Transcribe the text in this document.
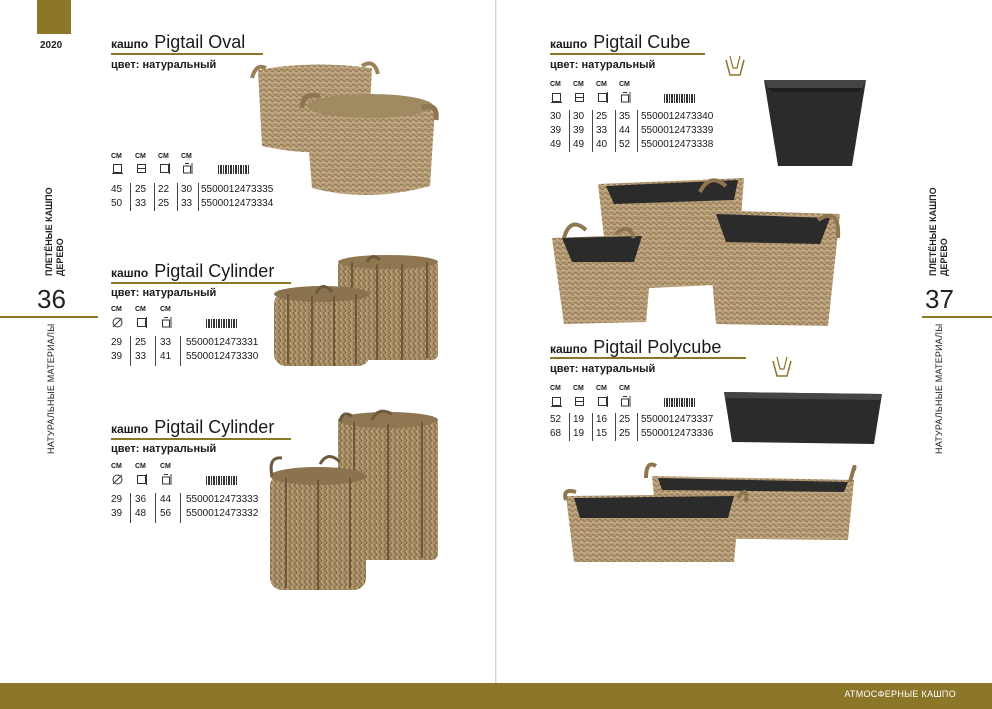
2020
ПЛЕТЁНЫЕ КАШПО ДЕРЕВО
36
НАТУРАЛЬНЫЕ МАТЕРИАЛЫ
ПЛЕТЁНЫЕ КАШПО ДЕРЕВО
37
НАТУРАЛЬНЫЕ МАТЕРИАЛЫ
кашпо Pigtail Oval
цвет: натуральный
СМ СМ СМ СМ
45 25 22 30 5500012473335
50 33 25 33 5500012473334
кашпо Pigtail Cylinder
цвет: натуральный
СМ СМ СМ
29 25 33 5500012473331
39 33 41 5500012473330
кашпо Pigtail Cylinder
цвет: натуральный
СМ СМ СМ
29 36 44 5500012473333
39 48 56 5500012473332
кашпо Pigtail Cube
цвет: натуральный
СМ СМ СМ СМ
30 30 25 35 5500012473340
39 39 33 44 5500012473339
49 49 40 52 5500012473338
кашпо Pigtail Polycube
цвет: натуральный
СМ СМ СМ СМ
52 19 16 25 5500012473337
68 19 15 25 5500012473336
АТМОСФЕРНЫЕ КАШПО
